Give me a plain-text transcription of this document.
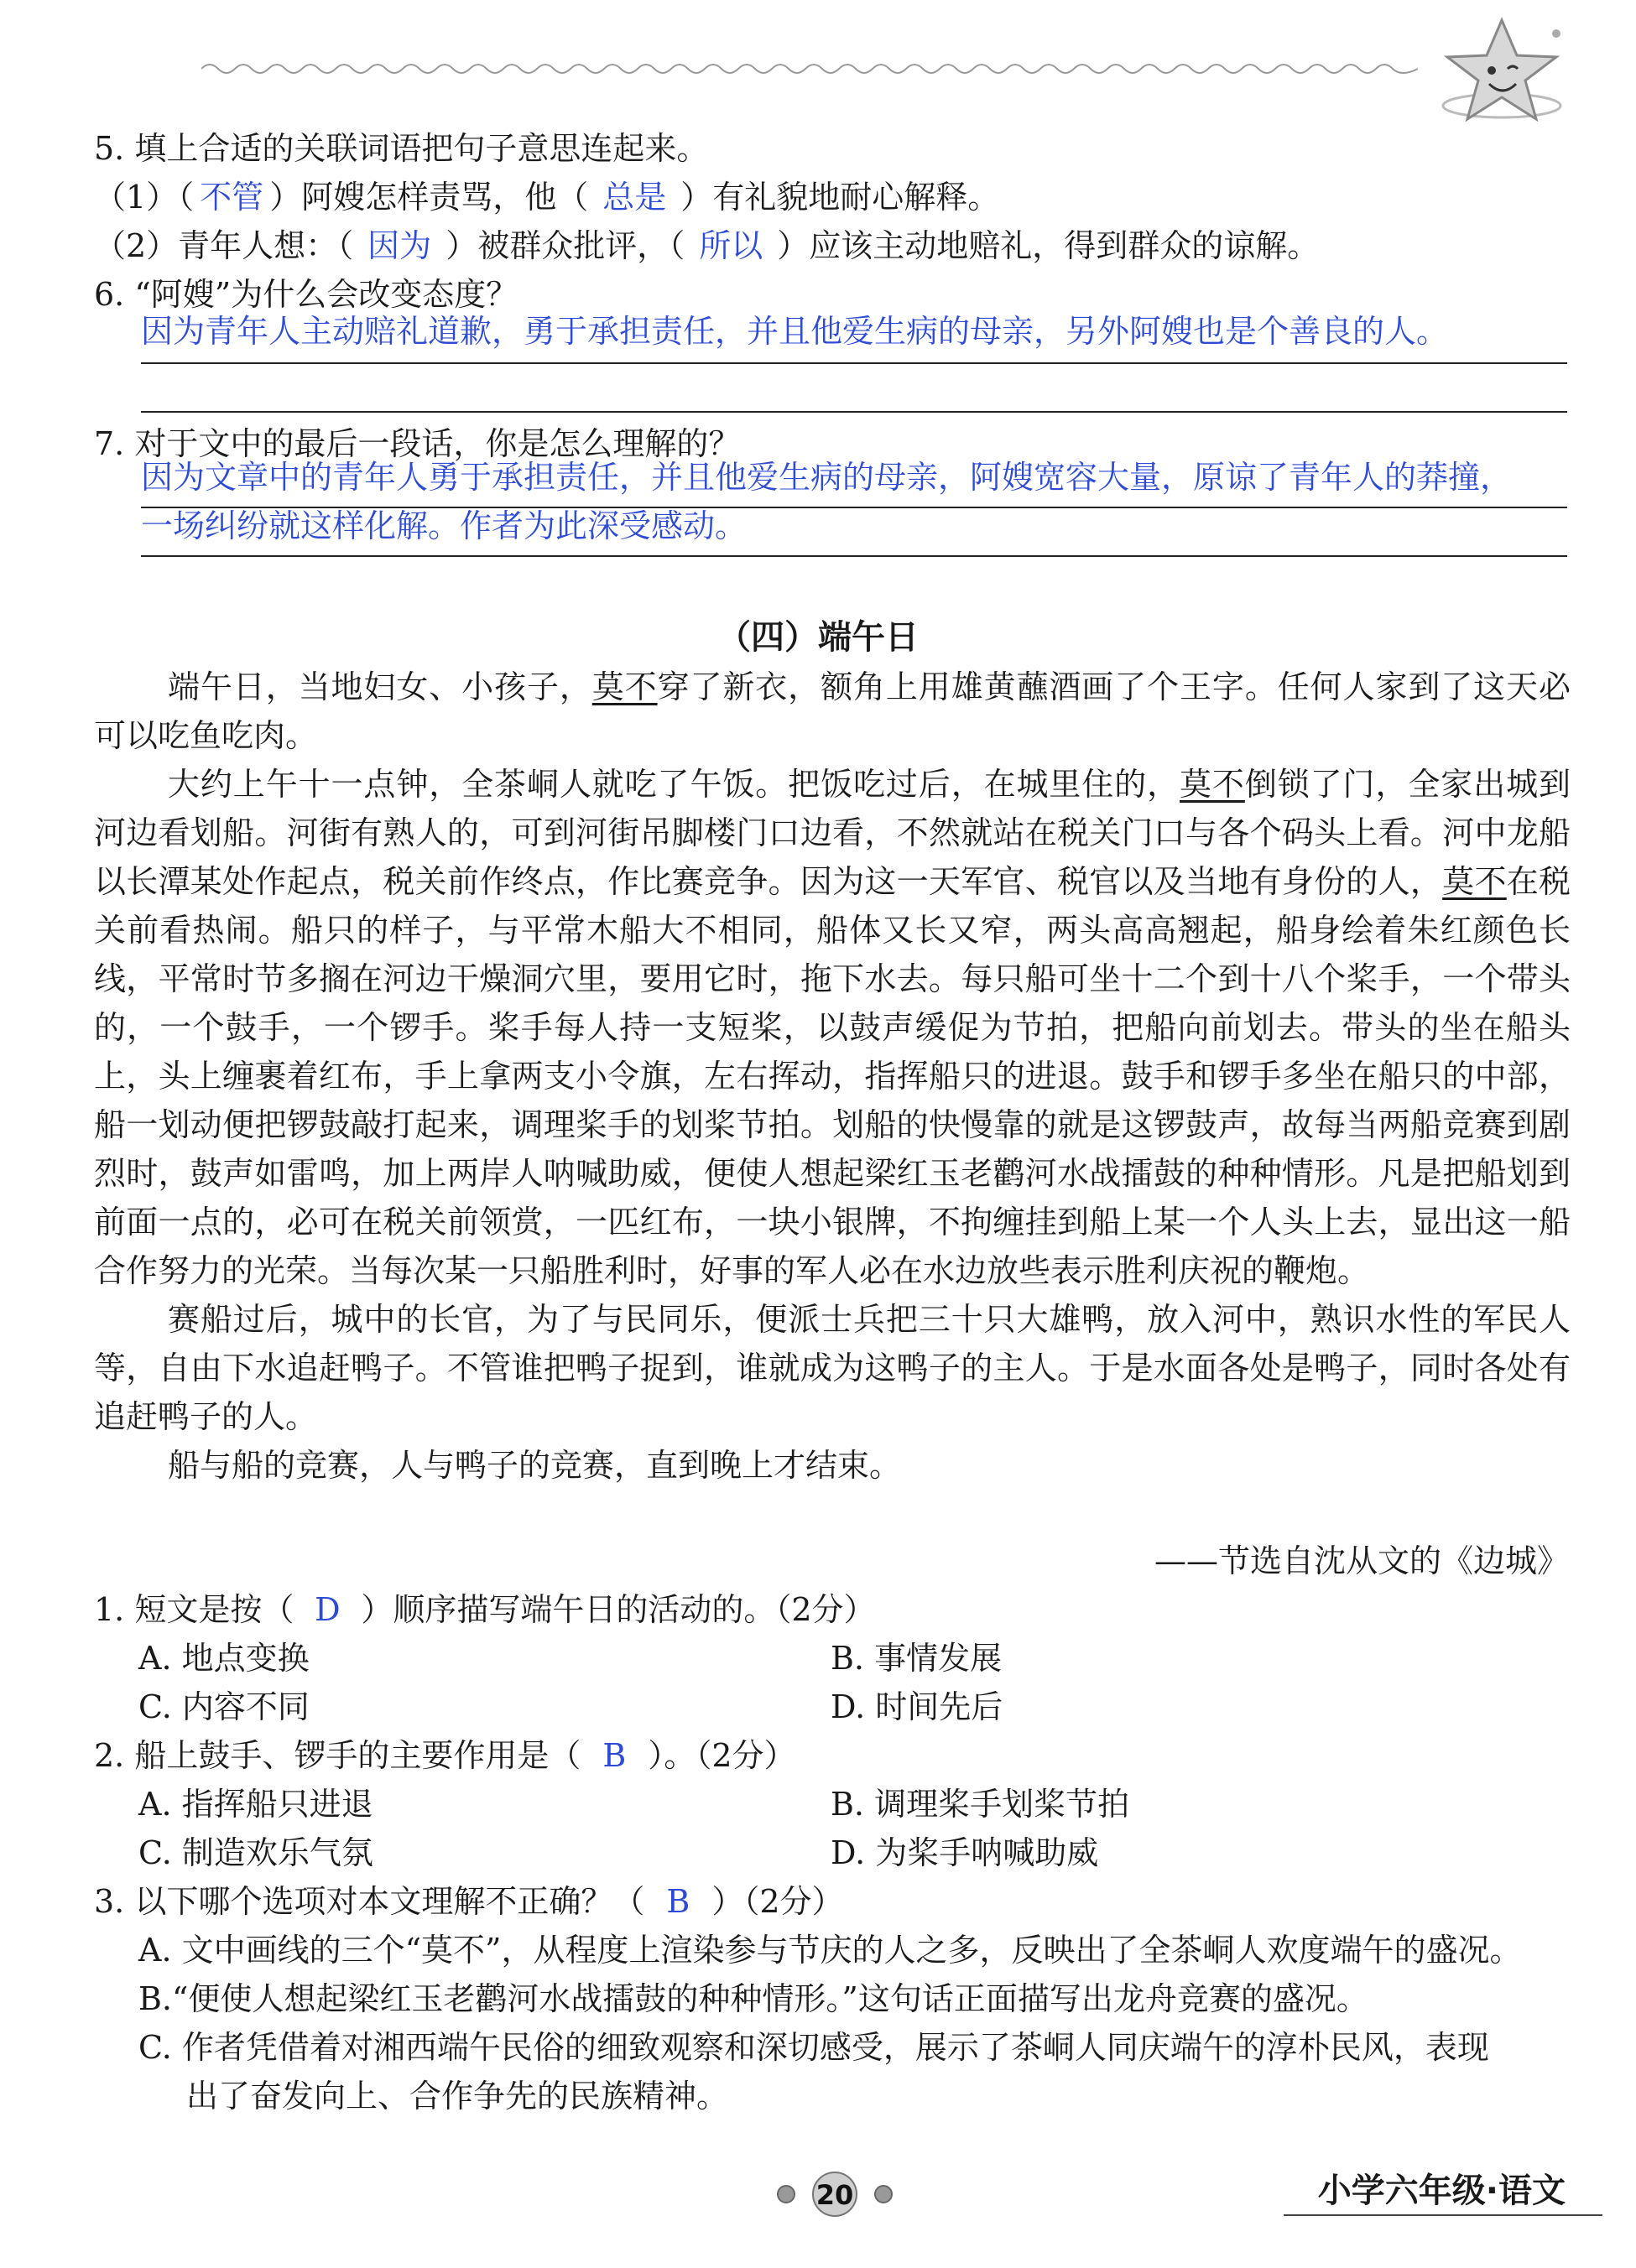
5. 填上合适的关联词语把句子意思连起来。
（1）（ 不管 ）阿嫂怎样责骂，他（ 总是 ）有礼貌地耐心解释。
（2）青年人想：（ 因为 ）被群众批评，（ 所以 ）应该主动地赔礼，得到群众的谅解。
6. “阿嫂”为什么会改变态度？
因为青年人主动赔礼道歉，勇于承担责任，并且他爱生病的母亲，另外阿嫂也是个善良的人。
7. 对于文中的最后一段话，你是怎么理解的？
因为文章中的青年人勇于承担责任，并且他爱生病的母亲，阿嫂宽容大量，原谅了青年人的莽撞，
一场纠纷就这样化解。作者为此深受感动。
（四）端午日

端午日，当地妇女、小孩子，莫不穿了新衣，额角上用雄黄蘸酒画了个王字。任何人家到了这天必可以吃鱼吃肉。

大约上午十一点钟，全茶峒人就吃了午饭。把饭吃过后，在城里住的，莫不倒锁了门，全家出城到河边看划船。河街有熟人的，可到河街吊脚楼门口边看，不然就站在税关门口与各个码头上看。河中龙船以长潭某处作起点，税关前作终点，作比赛竞争。因为这一天军官、税官以及当地有身份的人，莫不在税关前看热闹。船只的样子，与平常木船大不相同，船体又长又窄，两头高高翘起，船身绘着朱红颜色长线，平常时节多搁在河边干燥洞穴里，要用它时，拖下水去。每只船可坐十二个到十八个桨手，一个带头的，一个鼓手，一个锣手。桨手每人持一支短桨，以鼓声缓促为节拍，把船向前划去。带头的坐在船头上，头上缠裹着红布，手上拿两支小令旗，左右挥动，指挥船只的进退。鼓手和锣手多坐在船只的中部，船一划动便把锣鼓敲打起来，调理桨手的划桨节拍。划船的快慢靠的就是这锣鼓声，故每当两船竞赛到剧烈时，鼓声如雷鸣，加上两岸人呐喊助威，便使人想起梁红玉老鹳河水战擂鼓的种种情形。凡是把船划到前面一点的，必可在税关前领赏，一匹红布，一块小银牌，不拘缠挂到船上某一个人头上去，显出这一船合作努力的光荣。当每次某一只船胜利时，好事的军人必在水边放些表示胜利庆祝的鞭炮。

赛船过后，城中的长官，为了与民同乐，便派士兵把三十只大雄鸭，放入河中，熟识水性的军民人等，自由下水追赶鸭子。不管谁把鸭子捉到，谁就成为这鸭子的主人。于是水面各处是鸭子，同时各处有追赶鸭子的人。

船与船的竞赛，人与鸭子的竞赛，直到晚上才结束。

——节选自沈从文的《边城》
1. 短文是按（ D ）顺序描写端午日的活动的。（2分）
A. 地点变换	B. 事情发展
C. 内容不同	D. 时间先后
2. 船上鼓手、锣手的主要作用是（ B ）。（2分）
A. 指挥船只进退	B. 调理桨手划桨节拍
C. 制造欢乐气氛	D. 为桨手呐喊助威
3. 以下哪个选项对本文理解不正确？（ B ）（2分）
A. 文中画线的三个“莫不”，从程度上渲染参与节庆的人之多，反映出了全茶峒人欢度端午的盛况。
B.“便使人想起梁红玉老鹳河水战擂鼓的种种情形。”这句话正面描写出龙舟竞赛的盛况。
C. 作者凭借着对湘西端午民俗的细致观察和深切感受，展示了茶峒人同庆端午的淳朴民风，表现
出了奋发向上、合作争先的民族精神。
20	小学六年级·语文
